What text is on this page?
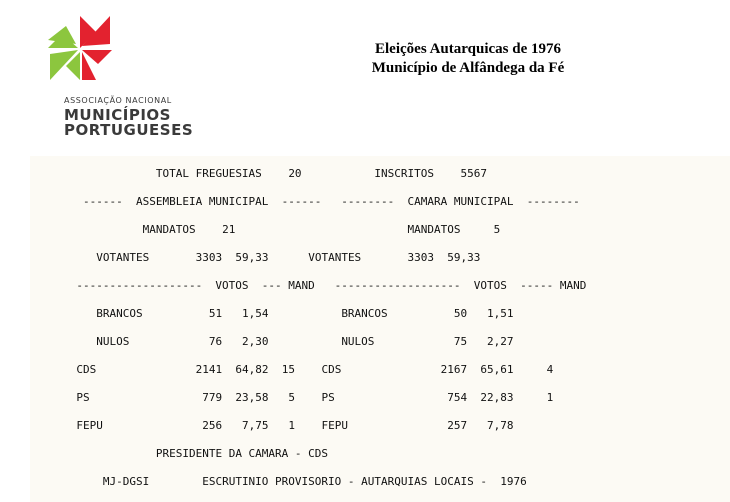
ASSOCIAÇÃO NACIONAL
MUNICÍPIOS
PORTUGUESES
Eleições Autarquicas de 1976
Município de Alfândega da Fé
TOTAL FREGUESIAS 20	INSCRITOS 5567
------  ASSEMBLEIA MUNICIPAL  ------ --------  CAMARA MUNICIPAL  --------
MANDATOS 21	MANDATOS	5
VOTANTES       3303 59,33	VOTANTES       3303 59,33
-------------------  VOTOS  --- MAND -------------------  VOTOS  ----- MAND
BRANCOS          51   1,54	BRANCOS          50   1,51
NULOS            76   2,30	NULOS            75   2,27
CDS               2141  64,82  15 CDS               2167  65,61     4
PS                 779  23,58   5 PS                 754  22,83     1
FEPU               256   7,75   1 FEPU               257   7,78
PRESIDENTE DA CAMARA - CDS
MJ-DGSI	ESCRUTINIO PROVISORIO - AUTARQUIAS LOCAIS - 1976
